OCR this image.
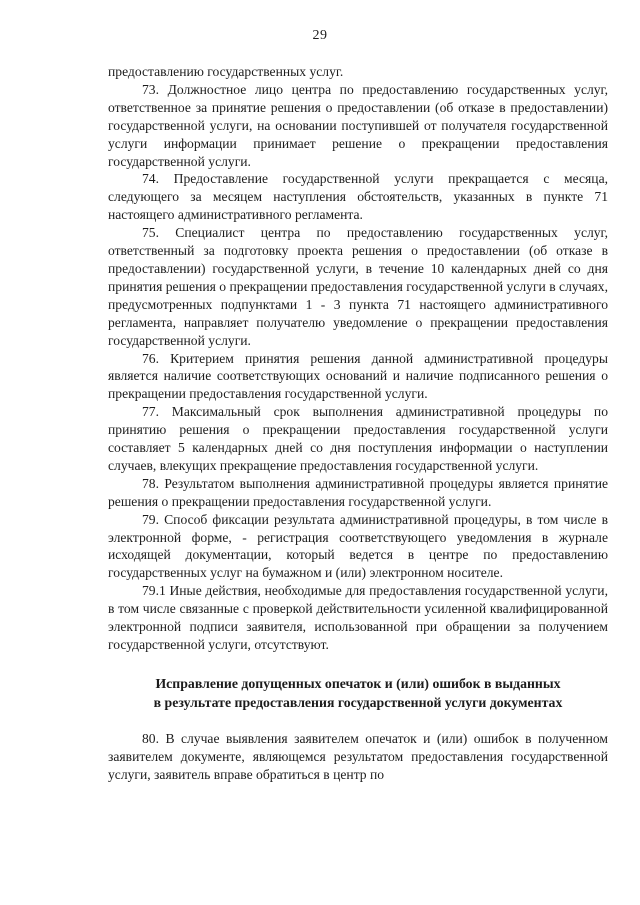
29

предоставлению государственных услуг.

73. Должностное лицо центра по предоставлению государственных услуг, ответственное за принятие решения о предоставлении (об отказе в предоставлении) государственной услуги, на основании поступившей от получателя государственной услуги информации принимает решение о прекращении предоставления государственной услуги.

74. Предоставление государственной услуги прекращается с месяца, следующего за месяцем наступления обстоятельств, указанных в пункте 71 настоящего административного регламента.

75. Специалист центра по предоставлению государственных услуг, ответственный за подготовку проекта решения о предоставлении (об отказе в предоставлении) государственной услуги, в течение 10 календарных дней со дня принятия решения о прекращении предоставления государственной услуги в случаях, предусмотренных подпунктами 1 - 3 пункта 71 настоящего административного регламента, направляет получателю уведомление о прекращении предоставления государственной услуги.

76. Критерием принятия решения данной административной процедуры является наличие соответствующих оснований и наличие подписанного решения о прекращении предоставления государственной услуги.

77. Максимальный срок выполнения административной процедуры по принятию решения о прекращении предоставления государственной услуги составляет 5 календарных дней со дня поступления информации о наступлении случаев, влекущих прекращение предоставления государственной услуги.

78. Результатом выполнения административной процедуры является принятие решения о прекращении предоставления государственной услуги.

79. Способ фиксации результата административной процедуры, в том числе в электронной форме, - регистрация соответствующего уведомления в журнале исходящей документации, который ведется в центре по предоставлению государственных услуг на бумажном и (или) электронном носителе.

79.1 Иные действия, необходимые для предоставления государственной услуги, в том числе связанные с проверкой действительности усиленной квалифицированной электронной подписи заявителя, использованной при обращении за получением государственной услуги, отсутствуют.

Исправление допущенных опечаток и (или) ошибок в выданных
в результате предоставления государственной услуги документах

80. В случае выявления заявителем опечаток и (или) ошибок в полученном заявителем документе, являющемся результатом предоставления государственной услуги, заявитель вправе обратиться в центр по
